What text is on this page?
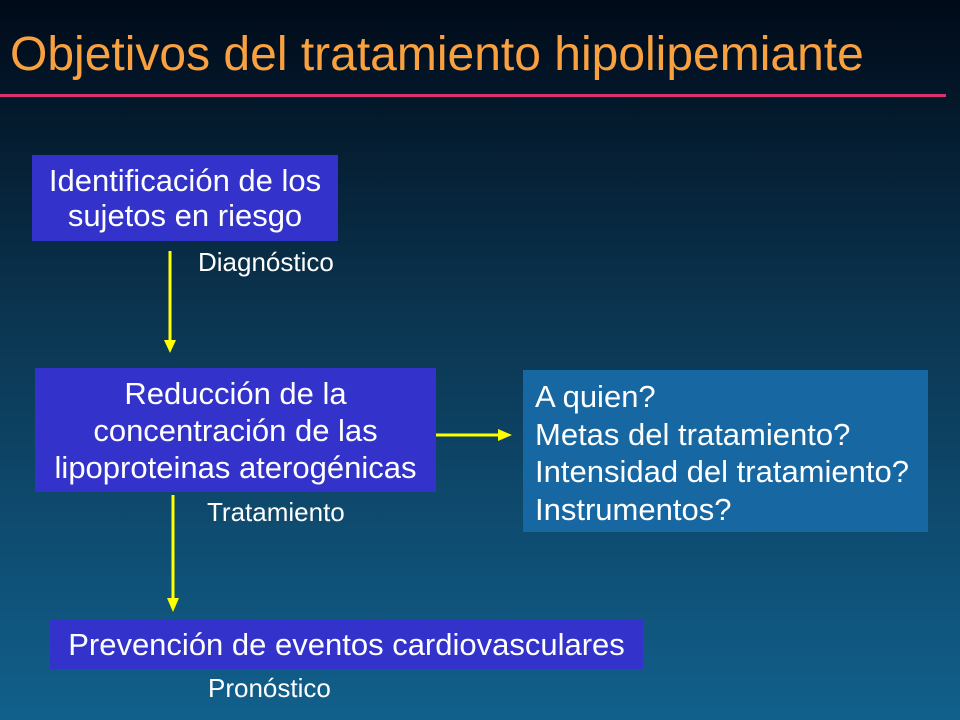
Objetivos del tratamiento hipolipemiante
Identificación de los
sujetos en riesgo
Diagnóstico
Reducción de la
concentración de las
lipoproteinas aterogénicas
Tratamiento
A quien?
Metas del tratamiento?
Intensidad del tratamiento?
Instrumentos?
Prevención de eventos cardiovasculares
Pronóstico
